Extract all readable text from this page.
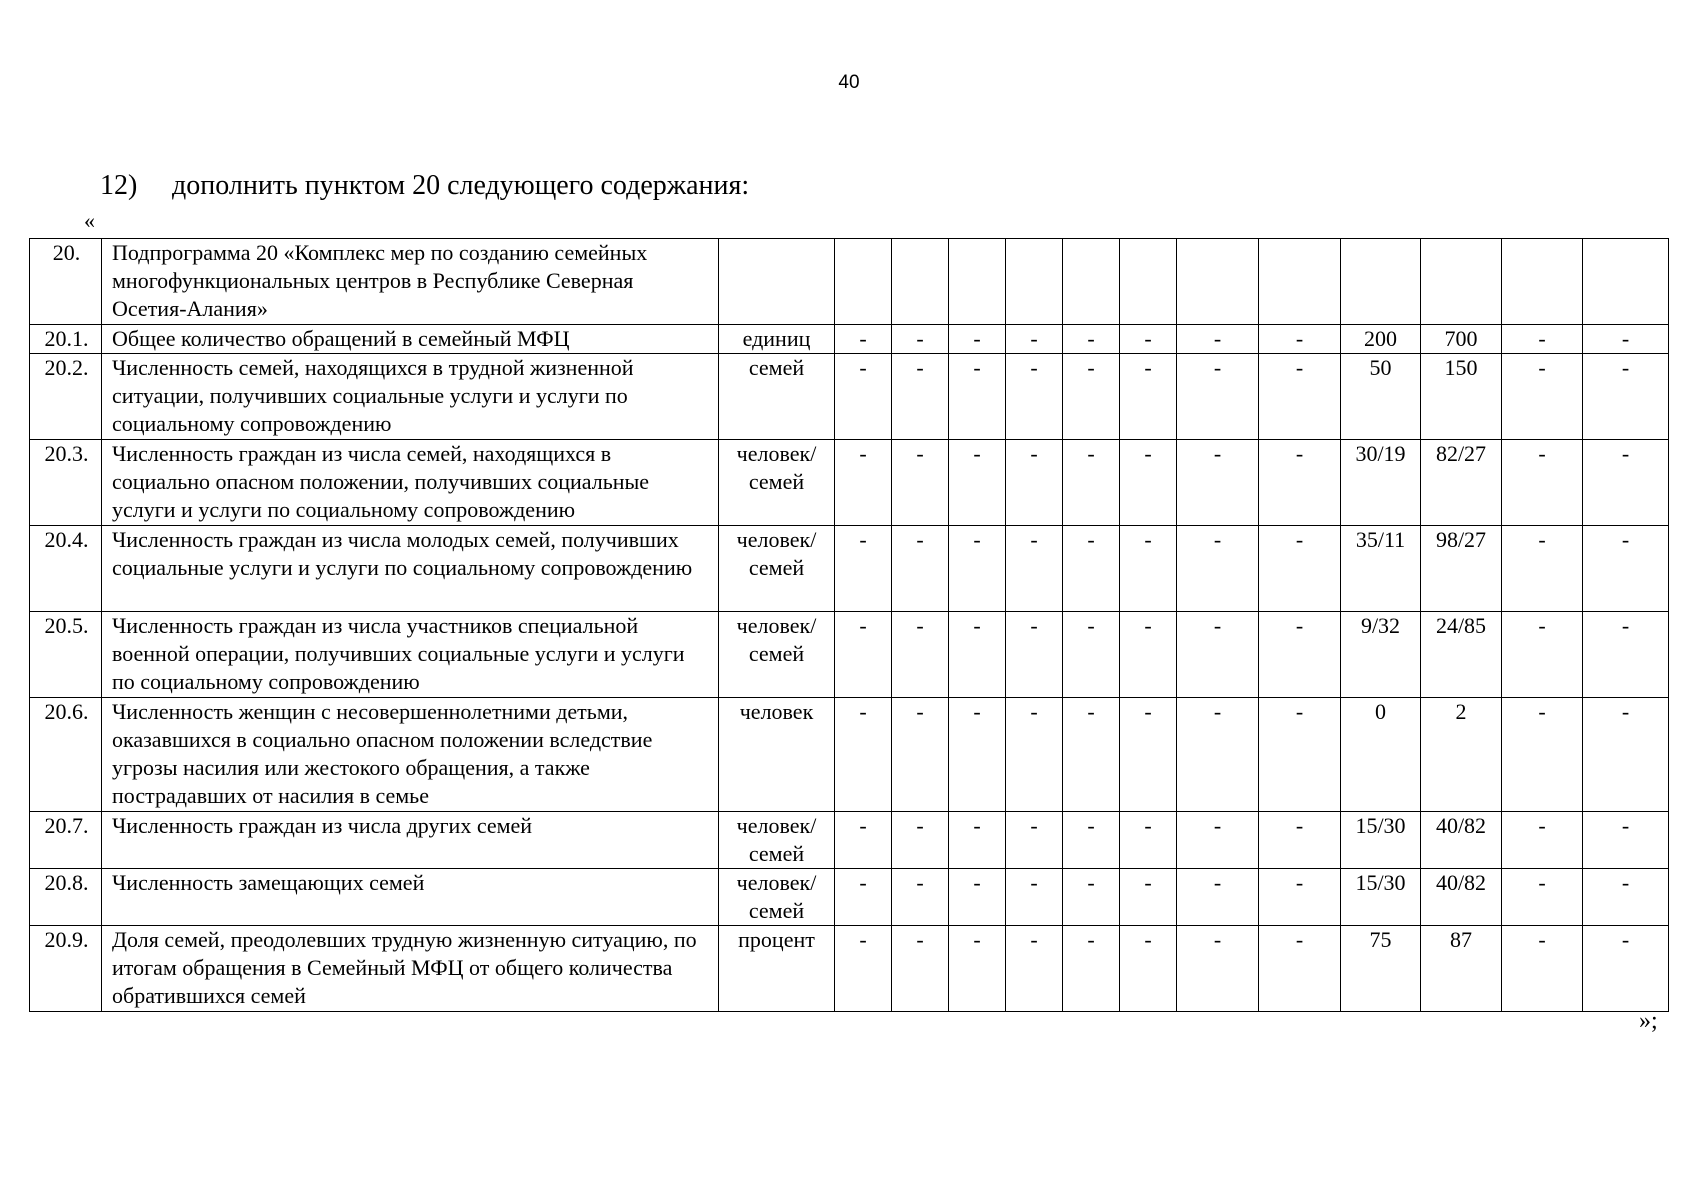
40
12) дополнить пунктом 20 следующего содержания:
«
20.	Подпрограмма 20 «Комплекс мер по созданию семейных многофункциональных центров в Республике Северная Осетия-Алания»													
20.1.	Общее количество обращений в семейный МФЦ	единиц	-	-	-	-	-	-	-	-	200	700	-	-
20.2.	Численность семей, находящихся в трудной жизненной ситуации, получивших социальные услуги и услуги по социальному сопровождению	семей	-	-	-	-	-	-	-	-	50	150	-	-
20.3.	Численность граждан из числа семей, находящихся в социально опасном положении, получивших социальные услуги и услуги по социальному сопровождению	человек/ семей	-	-	-	-	-	-	-	-	30/19	82/27	-	-
20.4.	Численность граждан из числа молодых семей, получивших социальные услуги и услуги по социальному сопровождению	человек/ семей	-	-	-	-	-	-	-	-	35/11	98/27	-	-
20.5.	Численность граждан из числа участников специальной военной операции, получивших социальные услуги и услуги по социальному сопровождению	человек/ семей	-	-	-	-	-	-	-	-	9/32	24/85	-	-
20.6.	Численность женщин с несовершеннолетними детьми, оказавшихся в социально опасном положении вследствие угрозы насилия или жестокого обращения, а также пострадавших от насилия в семье	человек	-	-	-	-	-	-	-	-	0	2	-	-
20.7.	Численность граждан из числа других семей	человек/ семей	-	-	-	-	-	-	-	-	15/30	40/82	-	-
20.8.	Численность замещающих семей	человек/ семей	-	-	-	-	-	-	-	-	15/30	40/82	-	-
20.9.	Доля семей, преодолевших трудную жизненную ситуацию, по итогам обращения в Семейный МФЦ от общего количества обратившихся семей	процент	-	-	-	-	-	-	-	-	75	87	-	-
»;
